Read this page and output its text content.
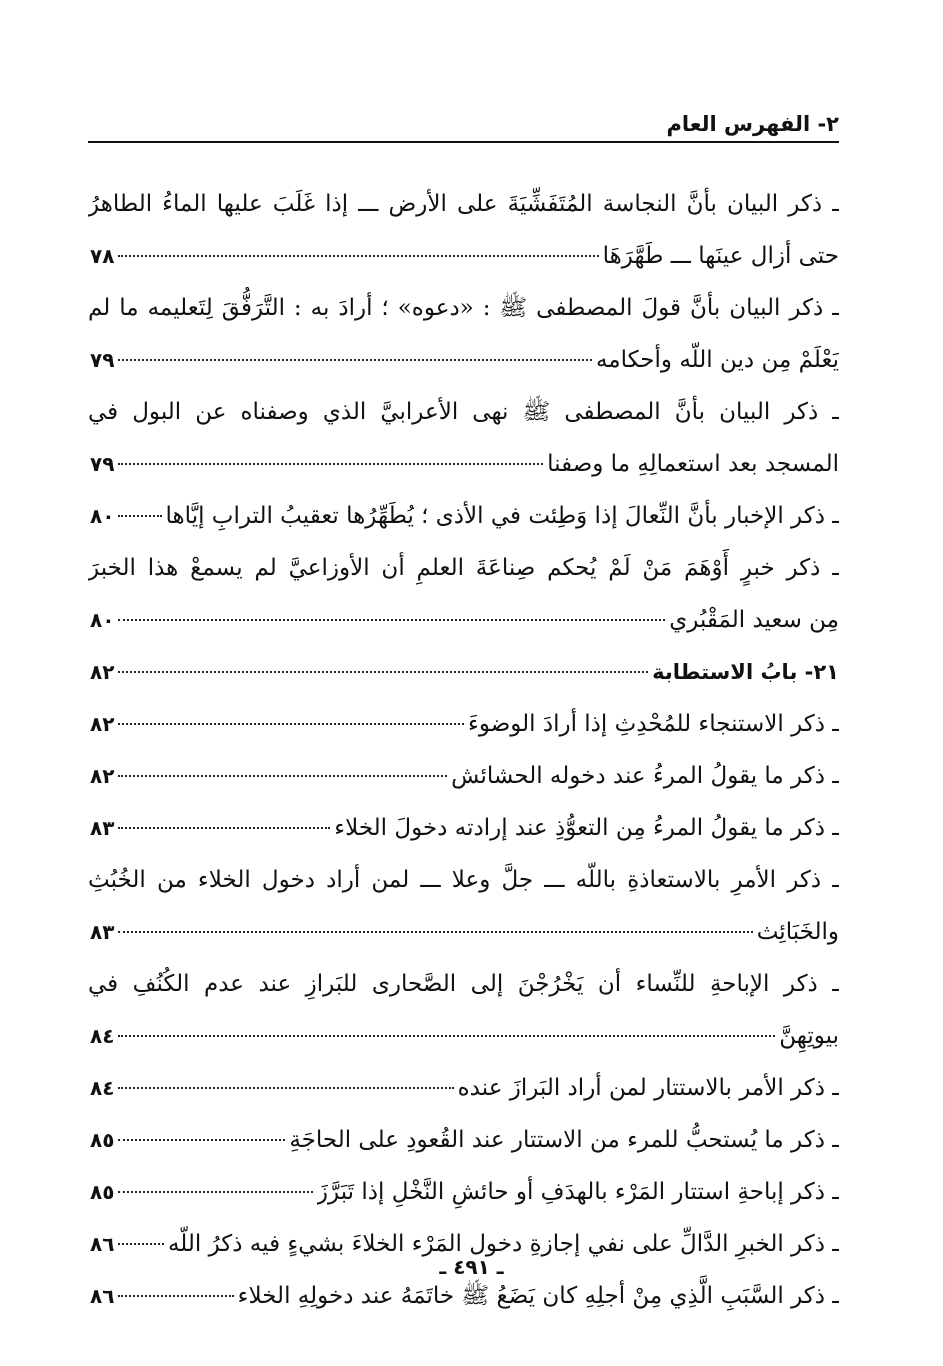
٢- الفهرس العام
ـ ذكر البيان بأنَّ النجاسة المُتَفَشِّيَةَ على الأرض ـــ إذا غَلَبَ عليها الماءُ الطاهرُ
حتى أزال عينَها ـــ طَهَّرَهَا
٧٨
ـ ذكر البيان بأنَّ قولَ المصطفى ﷺ : «دعوه» ؛ أرادَ به : التَّرَفُّقَ لِتَعليمه ما لم
يَعْلَمْ مِن دين اللّه وأحكامه
٧٩
ـ ذكر البيان بأنَّ المصطفى ﷺ نهى الأعرابيَّ الذي وصفناه عن البول في
المسجد بعد استعمالِهِ ما وصفنا
٧٩
ـ ذكر الإخبار بأنَّ النِّعالَ إذا وَطِئت في الأذى ؛ يُطَهِّرُها تعقيبُ الترابِ إيَّاها
٨٠
ـ ذكر خبرٍ أَوْهَمَ مَنْ لَمْ يُحكم صِناعَةَ العلمِ أن الأوزاعيَّ لم يسمعْ هذا الخبرَ
مِن سعيد المَقْبُري
٨٠
٢١- بابُ الاستطابة
٨٢
ـ ذكر الاستنجاء للمُحْدِثِ إذا أرادَ الوضوءَ
٨٢
ـ ذكر ما يقولُ المرءُ عند دخوله الحشائش
٨٢
ـ ذكر ما يقولُ المرءُ مِن التعوُّذِ عند إرادته دخولَ الخلاء
٨٣
ـ ذكر الأمرِ بالاستعاذةِ باللّه ـــ جلَّ وعلا ـــ لمن أراد دخول الخلاء من الخُبُثِ
والخَبَائِث
٨٣
ـ ذكر الإباحةِ للنِّساء أن يَخْرُجْنَ إلى الصَّحارى للبَرازِ عند عدم الكُنُفِ في
بيوتِهِنَّ
٨٤
ـ ذكر الأمر بالاستتار لمن أراد البَرازَ عنده
٨٤
ـ ذكر ما يُستحبُّ للمرء من الاستتار عند القُعودِ على الحاجَةِ
٨٥
ـ ذكر إباحةِ استتار المَرْء بالهدَفِ أو حائشِ النَّخْلِ إذا تَبَرَّزَ
٨٥
ـ ذكر الخبرِ الدَّالِّ على نفي إجازةِ دخول المَرْء الخلاءَ بشيءٍ فيه ذكرُ اللّه
٨٦
ـ ذكر السَّبَبِ الَّذِي مِنْ أجلِهِ كان يَضَعُ ﷺ خاتَمَهُ عند دخولِهِ الخلاء
٨٦
ـ ٤٩١ ـ
